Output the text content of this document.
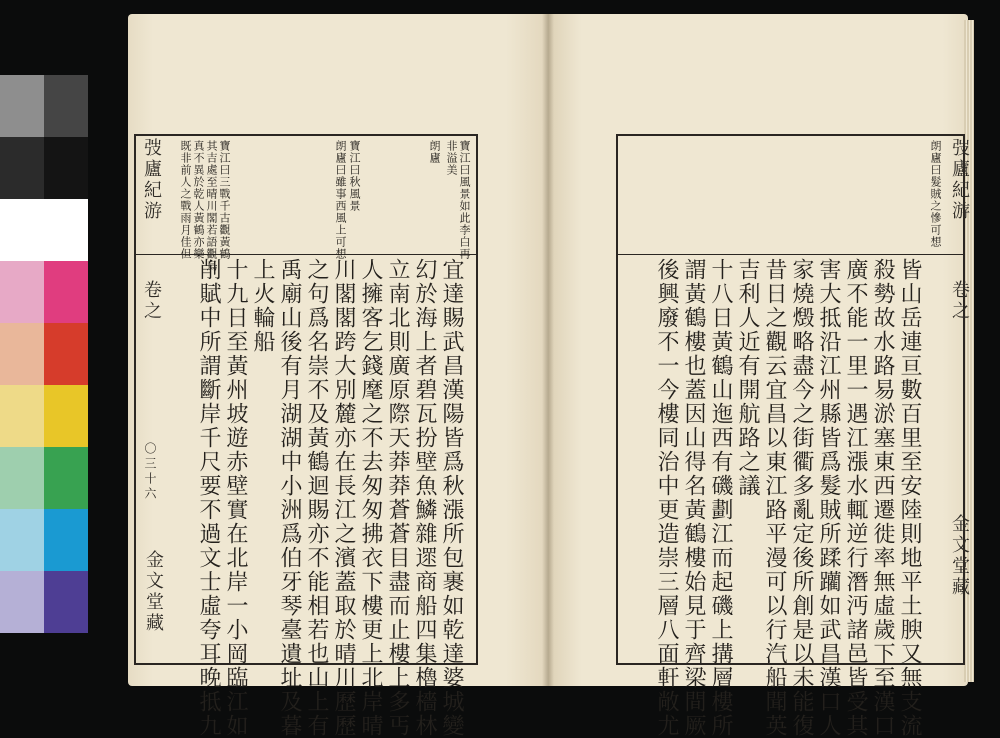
弢廬紀游
卷之
〇三十六
金文堂藏
寶江曰風景如此李白再
非溢美
朗廬
寶江曰秋風景
朗廬曰雖事西風上可想
寶江曰三戰千古觀黃鶴
其吉處至晴川閣若語觀鳥
真不異於乾人黃鶴亦樂
既非前人之戰雨月佳但
宜達賜武昌漢陽皆爲秋漲所包裹如乾達婆城變
幻於海上者碧瓦扮壁魚鱗雜遝商船四集櫓檣林
立南北則廣原際天莽莽蒼蒼目盡而止樓上多丐
人擁客乞錢麾之不去匆匆拂衣下樓更上北岸晴
川閣閣跨大別麓亦在長江之濱蓋取於晴川歷歷
之句爲名崇不及黃鶴迴賜亦不能相若也山上有
禹廟山後有月湖湖中小洲爲伯牙琴臺遺址及暮
上火輪船
十九日至黃州坡遊赤壁實在北岸一小岡臨江如
削賦中所謂斷岸千尺要不過文士虛夸耳晚抵九
朗廬曰髮賊之慘可想
皆山岳連亘數百里至安陸則地平土腴又無支流
殺勢故水路易淤塞東西遷徙率無虛歲下至漢口
廣不能一里一遇江漲水輒逆行潛沔諸邑皆受其
害大抵沿江州縣皆爲髮賊所蹂躪如武昌漢口人
家燒燬略盡今之街衢多亂定後所創是以未能復
昔日之觀云宜昌以東江路平漫可以行汽船聞英
吉利人近有開航路之議
十八日黃鶴山迤西有磯劃江而起磯上搆層樓所
謂黃鶴樓也蓋因山得名黃鶴樓始見于齊梁間厥
後興廢不一今樓同治中更造崇三層八面軒敞尤
弢廬紀游
卷之
金文堂藏
